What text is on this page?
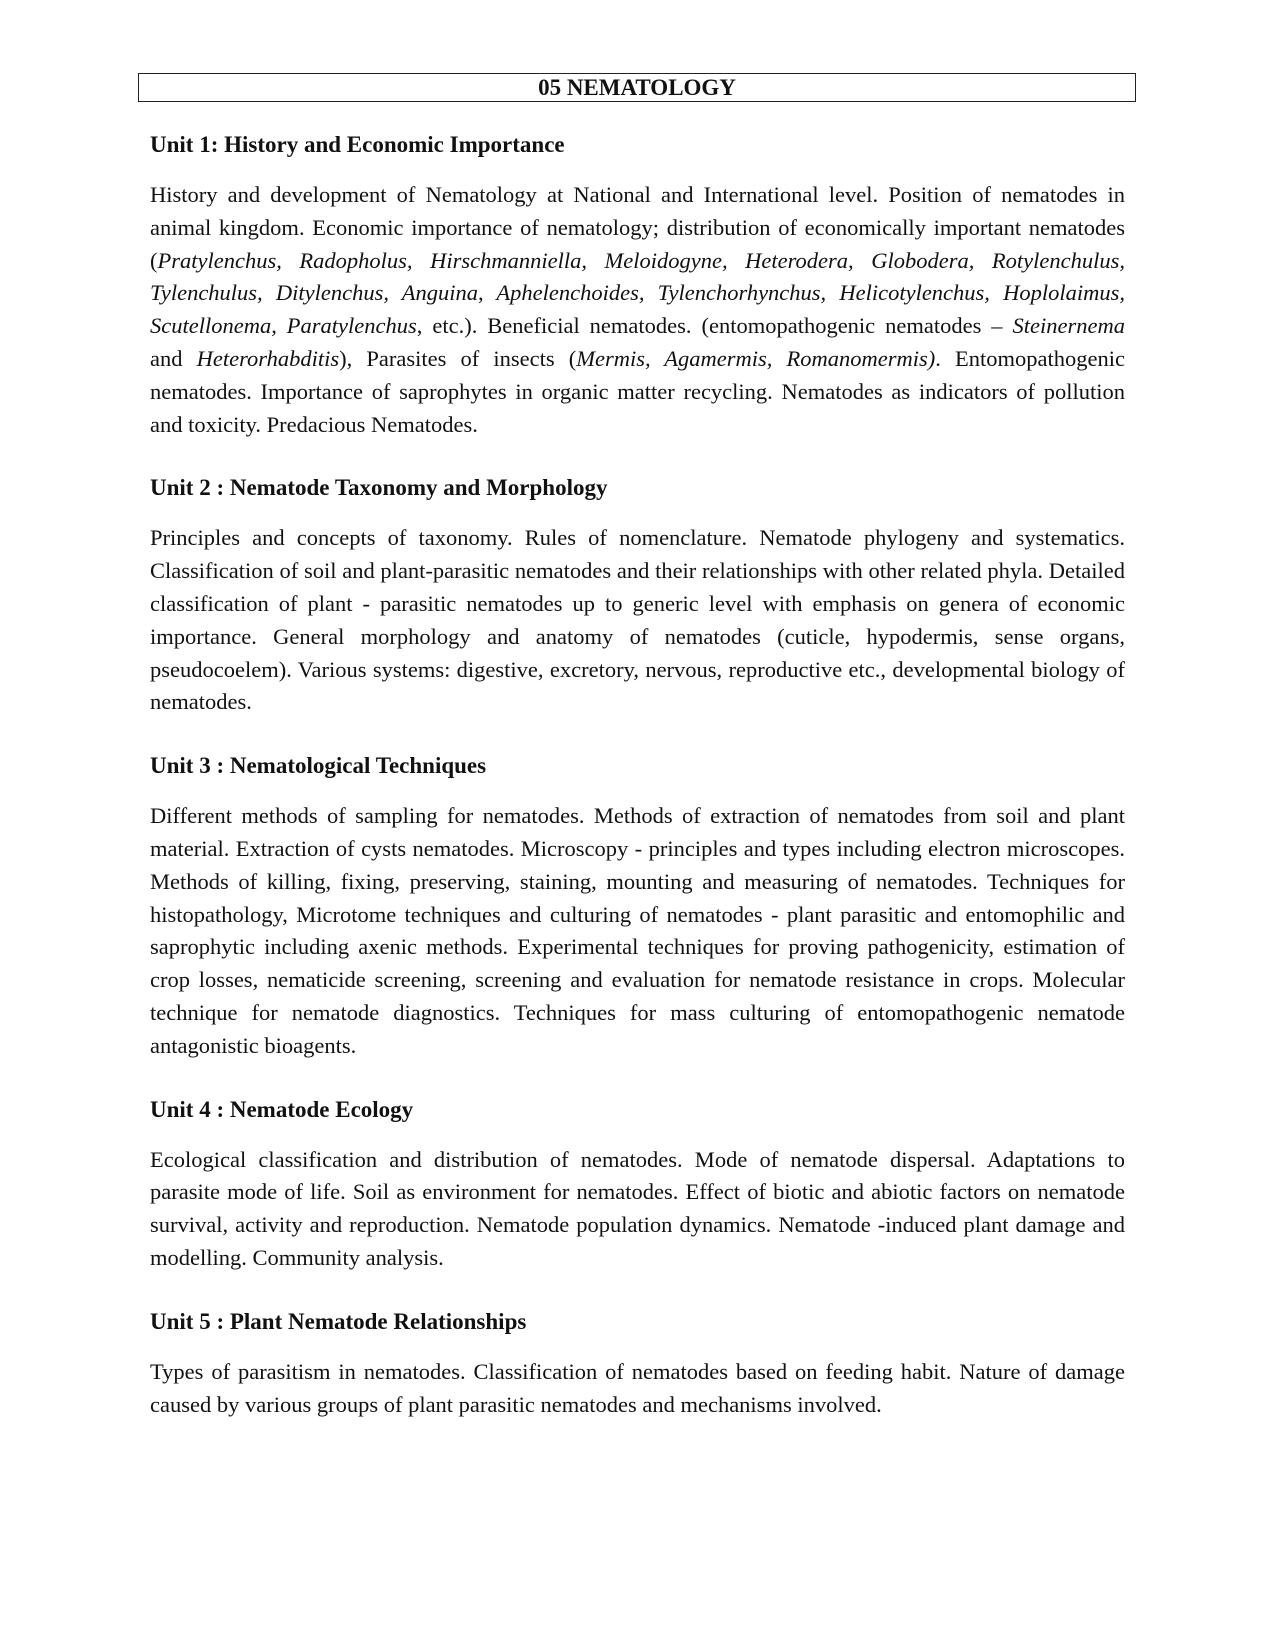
05 NEMATOLOGY
Unit 1: History and Economic Importance
History and development of Nematology at National and International level. Position of nematodes in animal kingdom. Economic importance of nematology; distribution of economically important nematodes (Pratylenchus, Radopholus, Hirschmanniella, Meloidogyne, Heterodera, Globodera, Rotylenchulus, Tylenchulus, Ditylenchus, Anguina, Aphelenchoides, Tylenchorhynchus, Helicotylenchus, Hoplolaimus, Scutellonema, Paratylenchus, etc.). Beneficial nematodes. (entomopathogenic nematodes – Steinernema and Heterorhabditis), Parasites of insects (Mermis, Agamermis, Romanomermis). Entomopathogenic nematodes. Importance of saprophytes in organic matter recycling. Nematodes as indicators of pollution and toxicity. Predacious Nematodes.
Unit 2 : Nematode Taxonomy and Morphology
Principles and concepts of taxonomy. Rules of nomenclature. Nematode phylogeny and systematics. Classification of soil and plant-parasitic nematodes and their relationships with other related phyla. Detailed classification of plant - parasitic nematodes up to generic level with emphasis on genera of economic importance. General morphology and anatomy of nematodes (cuticle, hypodermis, sense organs, pseudocoelem). Various systems: digestive, excretory, nervous, reproductive etc., developmental biology of nematodes.
Unit 3 : Nematological Techniques
Different methods of sampling for nematodes. Methods of extraction of nematodes from soil and plant material. Extraction of cysts nematodes. Microscopy - principles and types including electron microscopes. Methods of killing, fixing, preserving, staining, mounting and measuring of nematodes. Techniques for histopathology, Microtome techniques and culturing of nematodes - plant parasitic and entomophilic and saprophytic including axenic methods. Experimental techniques for proving pathogenicity, estimation of crop losses, nematicide screening, screening and evaluation for nematode resistance in crops. Molecular technique for nematode diagnostics. Techniques for mass culturing of entomopathogenic nematode antagonistic bioagents.
Unit 4 : Nematode Ecology
Ecological classification and distribution of nematodes. Mode of nematode dispersal. Adaptations to parasite mode of life. Soil as environment for nematodes. Effect of biotic and abiotic factors on nematode survival, activity and reproduction. Nematode population dynamics. Nematode -induced plant damage and modelling. Community analysis.
Unit 5 : Plant Nematode Relationships
Types of parasitism in nematodes. Classification of nematodes based on feeding habit. Nature of damage caused by various groups of plant parasitic nematodes and mechanisms involved.
